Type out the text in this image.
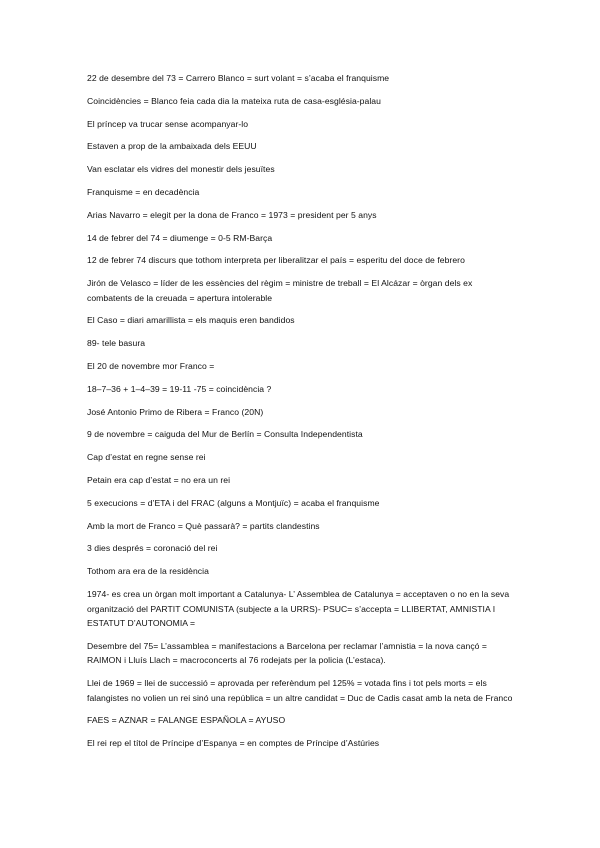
22 de desembre del 73 = Carrero Blanco = surt volant = s’acaba el franquisme

Coincidències = Blanco feia cada dia la mateixa ruta de casa-església-palau

El príncep va trucar sense acompanyar-lo

Estaven a prop de la ambaixada dels EEUU

Van esclatar els vidres del monestir dels jesuïtes

Franquisme = en decadència

Arias Navarro = elegit per la dona de Franco = 1973 = president per 5 anys

14 de febrer del 74 = diumenge = 0-5 RM-Barça

12 de febrer 74 discurs que tothom interpreta per liberalitzar el país = esperitu del doce de febrero

Jirón de Velasco = líder de les essències del règim = ministre de treball = El Alcázar = òrgan dels ex combatents de la creuada = apertura intolerable

El Caso = diari amarillista = els maquis eren bandidos

89- tele basura

El 20 de novembre mor Franco =

18–7–36 + 1–4–39 = 19-11 -75 = coincidència ?

José Antonio Primo de Ribera = Franco (20N)

9 de novembre = caiguda del Mur de Berlín = Consulta Independentista

Cap d’estat en regne sense rei

Petain era cap d’estat = no era un rei

5 execucions = d’ETA i del FRAC (alguns a Montjuïc) = acaba el franquisme

Amb la mort de Franco = Què passarà? = partits clandestins

3 dies després = coronació del rei

Tothom ara era de la residència

1974- es crea un òrgan molt important a Catalunya- L’ Assemblea de Catalunya = acceptaven o no en la seva organització del PARTIT COMUNISTA (subjecte a la URRS)- PSUC= s’accepta = LLIBERTAT, AMNISTIA I ESTATUT D’AUTONOMIA =

Desembre del 75= L’assamblea = manifestacions a Barcelona per reclamar l’amnistia = la nova cançó = RAIMON i Lluís Llach = macroconcerts al 76 rodejats per la policia (L’estaca).

Llei de 1969 = llei de successió = aprovada per referèndum pel 125% = votada fins i tot pels morts = els falangistes no volien un rei sinó una república = un altre candidat = Duc de Cadis casat amb la neta de Franco

FAES = AZNAR = FALANGE ESPAÑOLA = AYUSO

El rei rep el títol de Príncipe d’Espanya = en comptes de Príncipe d’Astúries
